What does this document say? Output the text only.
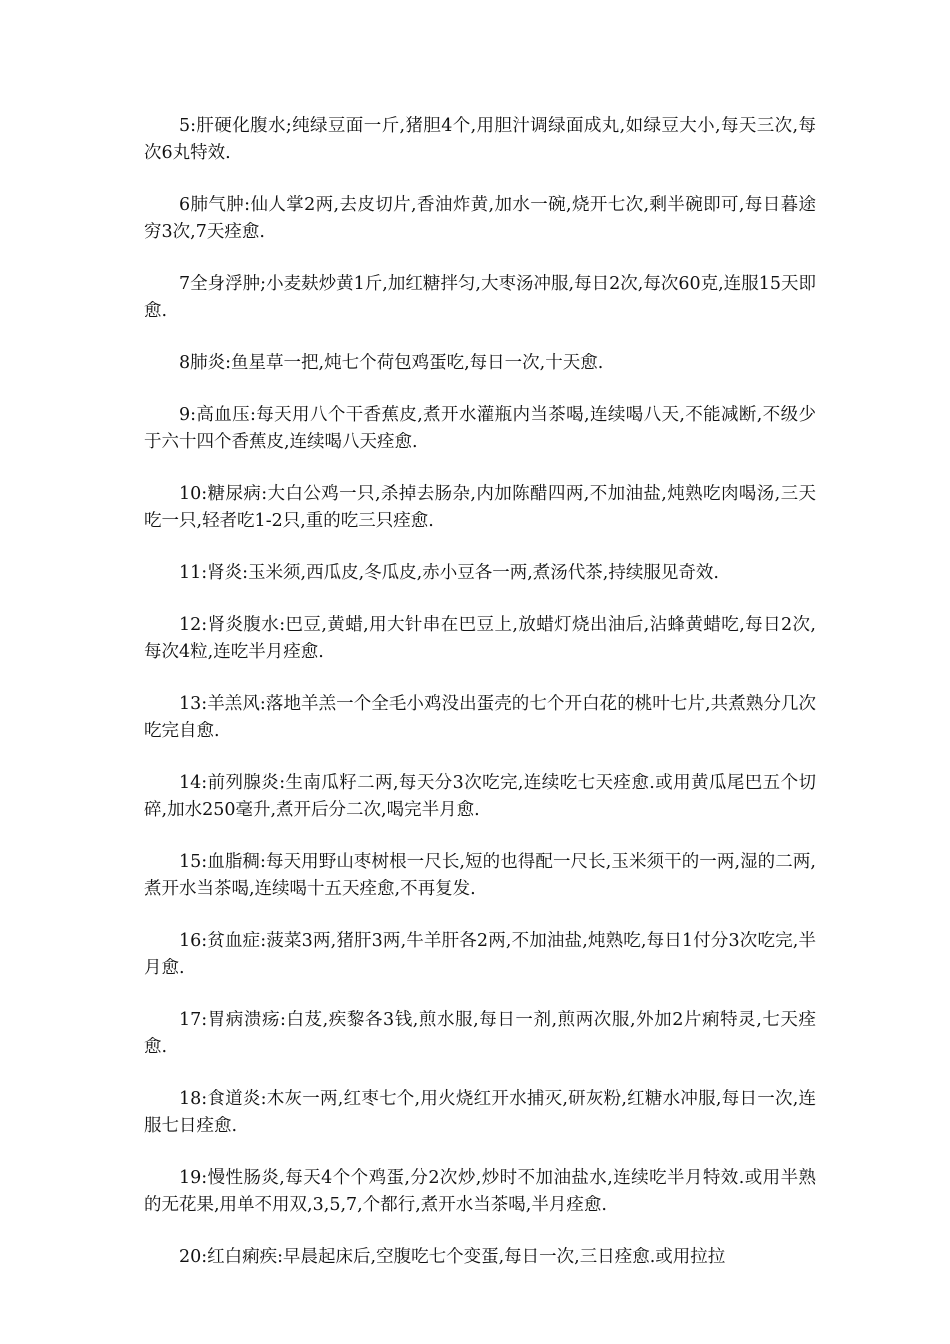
5:肝硬化腹水;纯绿豆面一斤,猪胆4个,用胆汁调绿面成丸,如绿豆大小,每天三次,每次6丸特效.

6肺气肿:仙人掌2两,去皮切片,香油炸黄,加水一碗,烧开七次,剩半碗即可,每日暮途穷3次,7天痊愈.

7全身浮肿;小麦麸炒黄1斤,加红糖拌匀,大枣汤冲服,每日2次,每次60克,连服15天即愈.

8肺炎:鱼星草一把,炖七个荷包鸡蛋吃,每日一次,十天愈.

9:高血压:每天用八个干香蕉皮,煮开水灌瓶内当茶喝,连续喝八天,不能减断,不级少于六十四个香蕉皮,连续喝八天痊愈.

10:糖尿病:大白公鸡一只,杀掉去肠杂,内加陈醋四两,不加油盐,炖熟吃肉喝汤,三天吃一只,轻者吃1-2只,重的吃三只痊愈.

11:肾炎:玉米须,西瓜皮,冬瓜皮,赤小豆各一两,煮汤代茶,持续服见奇效.

12:肾炎腹水:巴豆,黄蜡,用大针串在巴豆上,放蜡灯烧出油后,沾蜂黄蜡吃,每日2次,每次4粒,连吃半月痊愈.

13:羊羔风:落地羊羔一个全毛小鸡没出蛋壳的七个开白花的桃叶七片,共煮熟分几次吃完自愈.

14:前列腺炎:生南瓜籽二两,每天分3次吃完,连续吃七天痊愈.或用黄瓜尾巴五个切碎,加水250毫升,煮开后分二次,喝完半月愈.

15:血脂稠:每天用野山枣树根一尺长,短的也得配一尺长,玉米须干的一两,湿的二两,煮开水当茶喝,连续喝十五天痊愈,不再复发.

16:贫血症:菠菜3两,猪肝3两,牛羊肝各2两,不加油盐,炖熟吃,每日1付分3次吃完,半月愈.

17:胃病溃疡:白芨,疾黎各3钱,煎水服,每日一剂,煎两次服,外加2片痢特灵,七天痊愈.

18:食道炎:木灰一两,红枣七个,用火烧红开水捕灭,研灰粉,红糖水冲服,每日一次,连服七日痊愈.

19:慢性肠炎,每天4个个鸡蛋,分2次炒,炒时不加油盐水,连续吃半月特效.或用半熟的无花果,用单不用双,3,5,7,个都行,煮开水当茶喝,半月痊愈.

20:红白痢疾:早晨起床后,空腹吃七个变蛋,每日一次,三日痊愈.或用拉拉
